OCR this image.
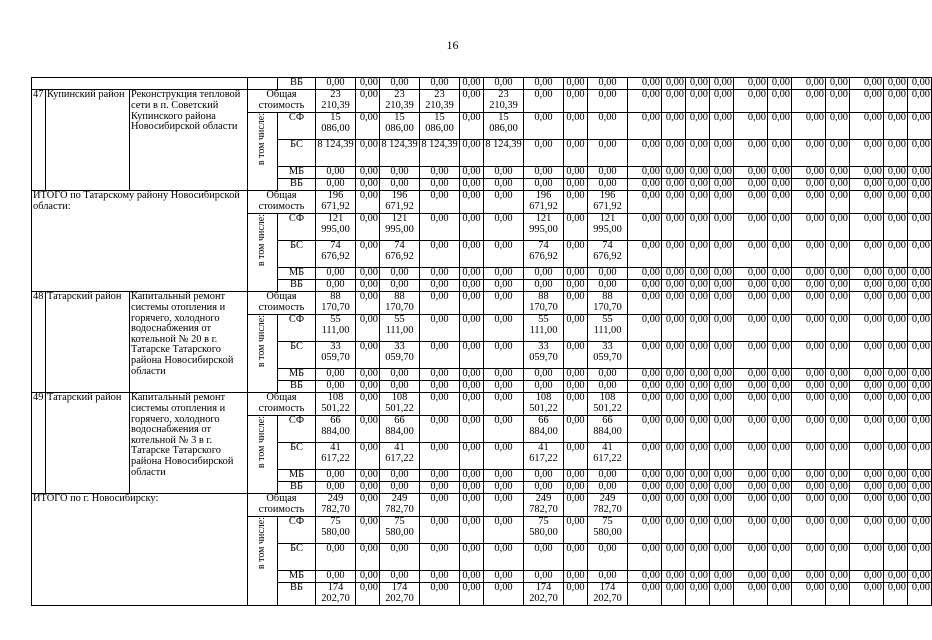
16
				ВБ	0,00	0,00	0,00	0,00	0,00	0,00	0,00	0,00	0,00	0,00	0,00	0,00	0,00	0,00	0,00	0,00	0,00	0,00	0,00	0,00	
47	Купинский район	Реконструкция тепловой сети в п. Советский Купинского района Новосибирской области	Общая стоимость		23 210,39	0,00	23 210,39	23 210,39	0,00	23 210,39	0,00	0,00	0,00	0,00	0,00	0,00	0,00	0,00	0,00	0,00	0,00	0,00	0,00	0,00	
			в том числе:	СФ	15 086,00	0,00	15 086,00	15 086,00	0,00	15 086,00	0,00	0,00	0,00	0,00	0,00	0,00	0,00	0,00	0,00	0,00	0,00	0,00	0,00	0,00	
				БС	8 124,39	0,00	8 124,39	8 124,39	0,00	8 124,39	0,00	0,00	0,00	0,00	0,00	0,00	0,00	0,00	0,00	0,00	0,00	0,00	0,00	0,00	
				МБ	0,00	0,00	0,00	0,00	0,00	0,00	0,00	0,00	0,00	0,00	0,00	0,00	0,00	0,00	0,00	0,00	0,00	0,00	0,00	0,00	
				ВБ	0,00	0,00	0,00	0,00	0,00	0,00	0,00	0,00	0,00	0,00	0,00	0,00	0,00	0,00	0,00	0,00	0,00	0,00	0,00	0,00	
ИТОГО по Татарскому району Новосибирской области:			Общая стоимость		196 671,92	0,00	196 671,92	0,00	0,00	0,00	196 671,92	0,00	196 671,92	0,00	0,00	0,00	0,00	0,00	0,00	0,00	0,00	0,00	0,00	0,00	
			в том числе:	СФ	121 995,00	0,00	121 995,00	0,00	0,00	0,00	121 995,00	0,00	121 995,00	0,00	0,00	0,00	0,00	0,00	0,00	0,00	0,00	0,00	0,00	0,00	
				БС	74 676,92	0,00	74 676,92	0,00	0,00	0,00	74 676,92	0,00	74 676,92	0,00	0,00	0,00	0,00	0,00	0,00	0,00	0,00	0,00	0,00	0,00	
				МБ	0,00	0,00	0,00	0,00	0,00	0,00	0,00	0,00	0,00	0,00	0,00	0,00	0,00	0,00	0,00	0,00	0,00	0,00	0,00	0,00	
				ВБ	0,00	0,00	0,00	0,00	0,00	0,00	0,00	0,00	0,00	0,00	0,00	0,00	0,00	0,00	0,00	0,00	0,00	0,00	0,00	0,00	
48	Татарский район	Капитальный ремонт системы отопления и горячего, холодного водоснабжения от котельной № 20 в г. Татарске Татарского района Новосибирской области	Общая стоимость		88 170,70	0,00	88 170,70	0,00	0,00	0,00	88 170,70	0,00	88 170,70	0,00	0,00	0,00	0,00	0,00	0,00	0,00	0,00	0,00	0,00	0,00	
			в том числе:	СФ	55 111,00	0,00	55 111,00	0,00	0,00	0,00	55 111,00	0,00	55 111,00	0,00	0,00	0,00	0,00	0,00	0,00	0,00	0,00	0,00	0,00	0,00	
				БС	33 059,70	0,00	33 059,70	0,00	0,00	0,00	33 059,70	0,00	33 059,70	0,00	0,00	0,00	0,00	0,00	0,00	0,00	0,00	0,00	0,00	0,00	
				МБ	0,00	0,00	0,00	0,00	0,00	0,00	0,00	0,00	0,00	0,00	0,00	0,00	0,00	0,00	0,00	0,00	0,00	0,00	0,00	0,00	
				ВБ	0,00	0,00	0,00	0,00	0,00	0,00	0,00	0,00	0,00	0,00	0,00	0,00	0,00	0,00	0,00	0,00	0,00	0,00	0,00	0,00	
49	Татарский район	Капитальный ремонт системы отопления и горячего, холодного водоснабжения от котельной № 3 в г. Татарске Татарского района Новосибирской области	Общая стоимость		108 501,22	0,00	108 501,22	0,00	0,00	0,00	108 501,22	0,00	108 501,22	0,00	0,00	0,00	0,00	0,00	0,00	0,00	0,00	0,00	0,00	0,00	
			в том числе:	СФ	66 884,00	0,00	66 884,00	0,00	0,00	0,00	66 884,00	0,00	66 884,00	0,00	0,00	0,00	0,00	0,00	0,00	0,00	0,00	0,00	0,00	0,00	
				БС	41 617,22	0,00	41 617,22	0,00	0,00	0,00	41 617,22	0,00	41 617,22	0,00	0,00	0,00	0,00	0,00	0,00	0,00	0,00	0,00	0,00	0,00	
				МБ	0,00	0,00	0,00	0,00	0,00	0,00	0,00	0,00	0,00	0,00	0,00	0,00	0,00	0,00	0,00	0,00	0,00	0,00	0,00	0,00	
				ВБ	0,00	0,00	0,00	0,00	0,00	0,00	0,00	0,00	0,00	0,00	0,00	0,00	0,00	0,00	0,00	0,00	0,00	0,00	0,00	0,00	
ИТОГО по г. Новосибирску:			Общая стоимость		249 782,70	0,00	249 782,70	0,00	0,00	0,00	249 782,70	0,00	249 782,70	0,00	0,00	0,00	0,00	0,00	0,00	0,00	0,00	0,00	0,00	0,00	
			в том числе:	СФ	75 580,00	0,00	75 580,00	0,00	0,00	0,00	75 580,00	0,00	75 580,00	0,00	0,00	0,00	0,00	0,00	0,00	0,00	0,00	0,00	0,00	0,00	
				БС	0,00	0,00	0,00	0,00	0,00	0,00	0,00	0,00	0,00	0,00	0,00	0,00	0,00	0,00	0,00	0,00	0,00	0,00	0,00	0,00	
				МБ	0,00	0,00	0,00	0,00	0,00	0,00	0,00	0,00	0,00	0,00	0,00	0,00	0,00	0,00	0,00	0,00	0,00	0,00	0,00	0,00	
				ВБ	174 202,70	0,00	174 202,70	0,00	0,00	0,00	174 202,70	0,00	174 202,70	0,00	0,00	0,00	0,00	0,00	0,00	0,00	0,00	0,00	0,00	0,00	
